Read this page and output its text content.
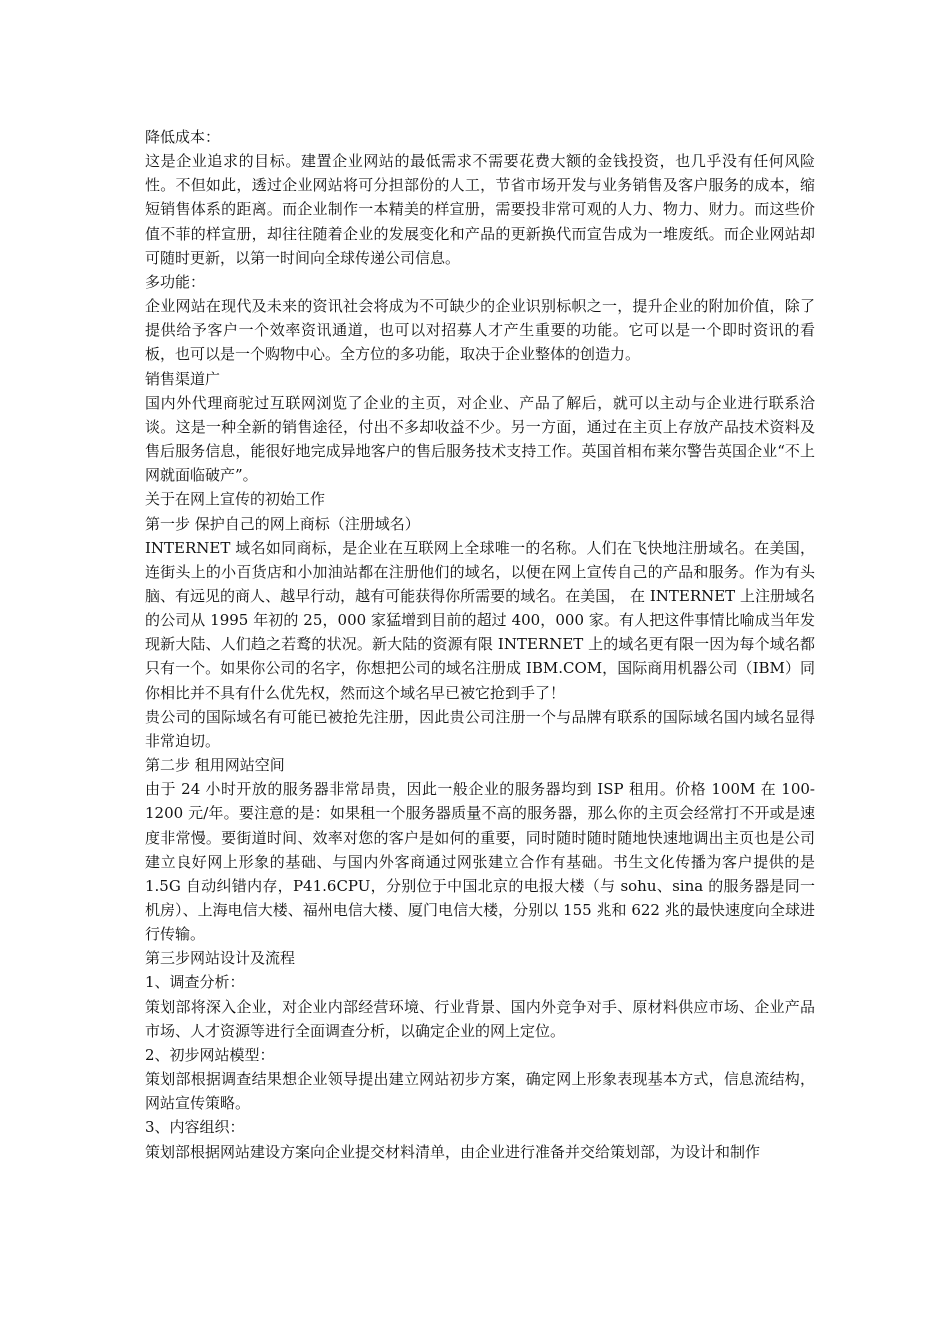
降低成本：

这是企业追求的目标。建置企业网站的最低需求不需要花费大额的金钱投资，也几乎没有任何风险性。不但如此，透过企业网站将可分担部份的人工，节省市场开发与业务销售及客户服务的成本，缩短销售体系的距离。而企业制作一本精美的样宣册，需要投非常可观的人力、物力、财力。而这些价值不菲的样宣册，却往往随着企业的发展变化和产品的更新换代而宣告成为一堆废纸。而企业网站却可随时更新，以第一时间向全球传递公司信息。

多功能：

企业网站在现代及未来的资讯社会将成为不可缺少的企业识别标帜之一，提升企业的附加价值，除了提供给予客户一个效率资讯通道，也可以对招募人才产生重要的功能。它可以是一个即时资讯的看板，也可以是一个购物中心。全方位的多功能，取决于企业整体的创造力。

销售渠道广

国内外代理商驼过互联网浏览了企业的主页，对企业、产品了解后，就可以主动与企业进行联系洽谈。这是一种全新的销售途径，付出不多却收益不少。另一方面，通过在主页上存放产品技术资料及售后服务信息，能很好地完成异地客户的售后服务技术支持工作。英国首相布莱尔警告英国企业“不上网就面临破产”。

关于在网上宣传的初始工作

第一步 保护自己的网上商标（注册域名）

INTERNET 域名如同商标，是企业在互联网上全球唯一的名称。人们在飞快地注册域名。在美国，连街头上的小百货店和小加油站都在注册他们的域名，以便在网上宣传自己的产品和服务。作为有头脑、有远见的商人、越早行动，越有可能获得你所需要的域名。在美国， 在 INTERNET 上注册域名的公司从 1995 年初的 25，000 家猛增到目前的超过 400，000 家。有人把这件事情比喻成当年发现新大陆、人们趋之若鹜的状况。新大陆的资源有限 INTERNET 上的域名更有限一因为每个域名都只有一个。如果你公司的名字，你想把公司的域名注册成 IBM.COM，国际商用机器公司（IBM）同你相比并不具有什么优先权，然而这个域名早已被它抢到手了！

贵公司的国际域名有可能已被抢先注册，因此贵公司注册一个与品牌有联系的国际域名国内域名显得非常迫切。

第二步 租用网站空间

由于 24 小时开放的服务器非常昂贵，因此一般企业的服务器均到 ISP 租用。价格 100M 在 100-1200 元/年。要注意的是：如果租一个服务器质量不高的服务器，那么你的主页会经常打不开或是速度非常慢。要街道时间、效率对您的客户是如何的重要，同时随时随时随地快速地调出主页也是公司建立良好网上形象的基础、与国内外客商通过网张建立合作有基础。书生文化传播为客户提供的是 1.5G 自动纠错内存，P41.6CPU，分别位于中国北京的电报大楼（与 sohu、sina 的服务器是同一机房）、上海电信大楼、福州电信大楼、厦门电信大楼，分别以 155 兆和 622 兆的最快速度向全球进行传输。

第三步网站设计及流程

1、调查分析：

策划部将深入企业，对企业内部经营环境、行业背景、国内外竞争对手、原材料供应市场、企业产品市场、人才资源等进行全面调查分析，以确定企业的网上定位。

2、初步网站模型：

策划部根据调查结果想企业领导提出建立网站初步方案，确定网上形象表现基本方式，信息流结构，网站宣传策略。

3、内容组织：

策划部根据网站建设方案向企业提交材料清单，由企业进行准备并交给策划部，为设计和制作
